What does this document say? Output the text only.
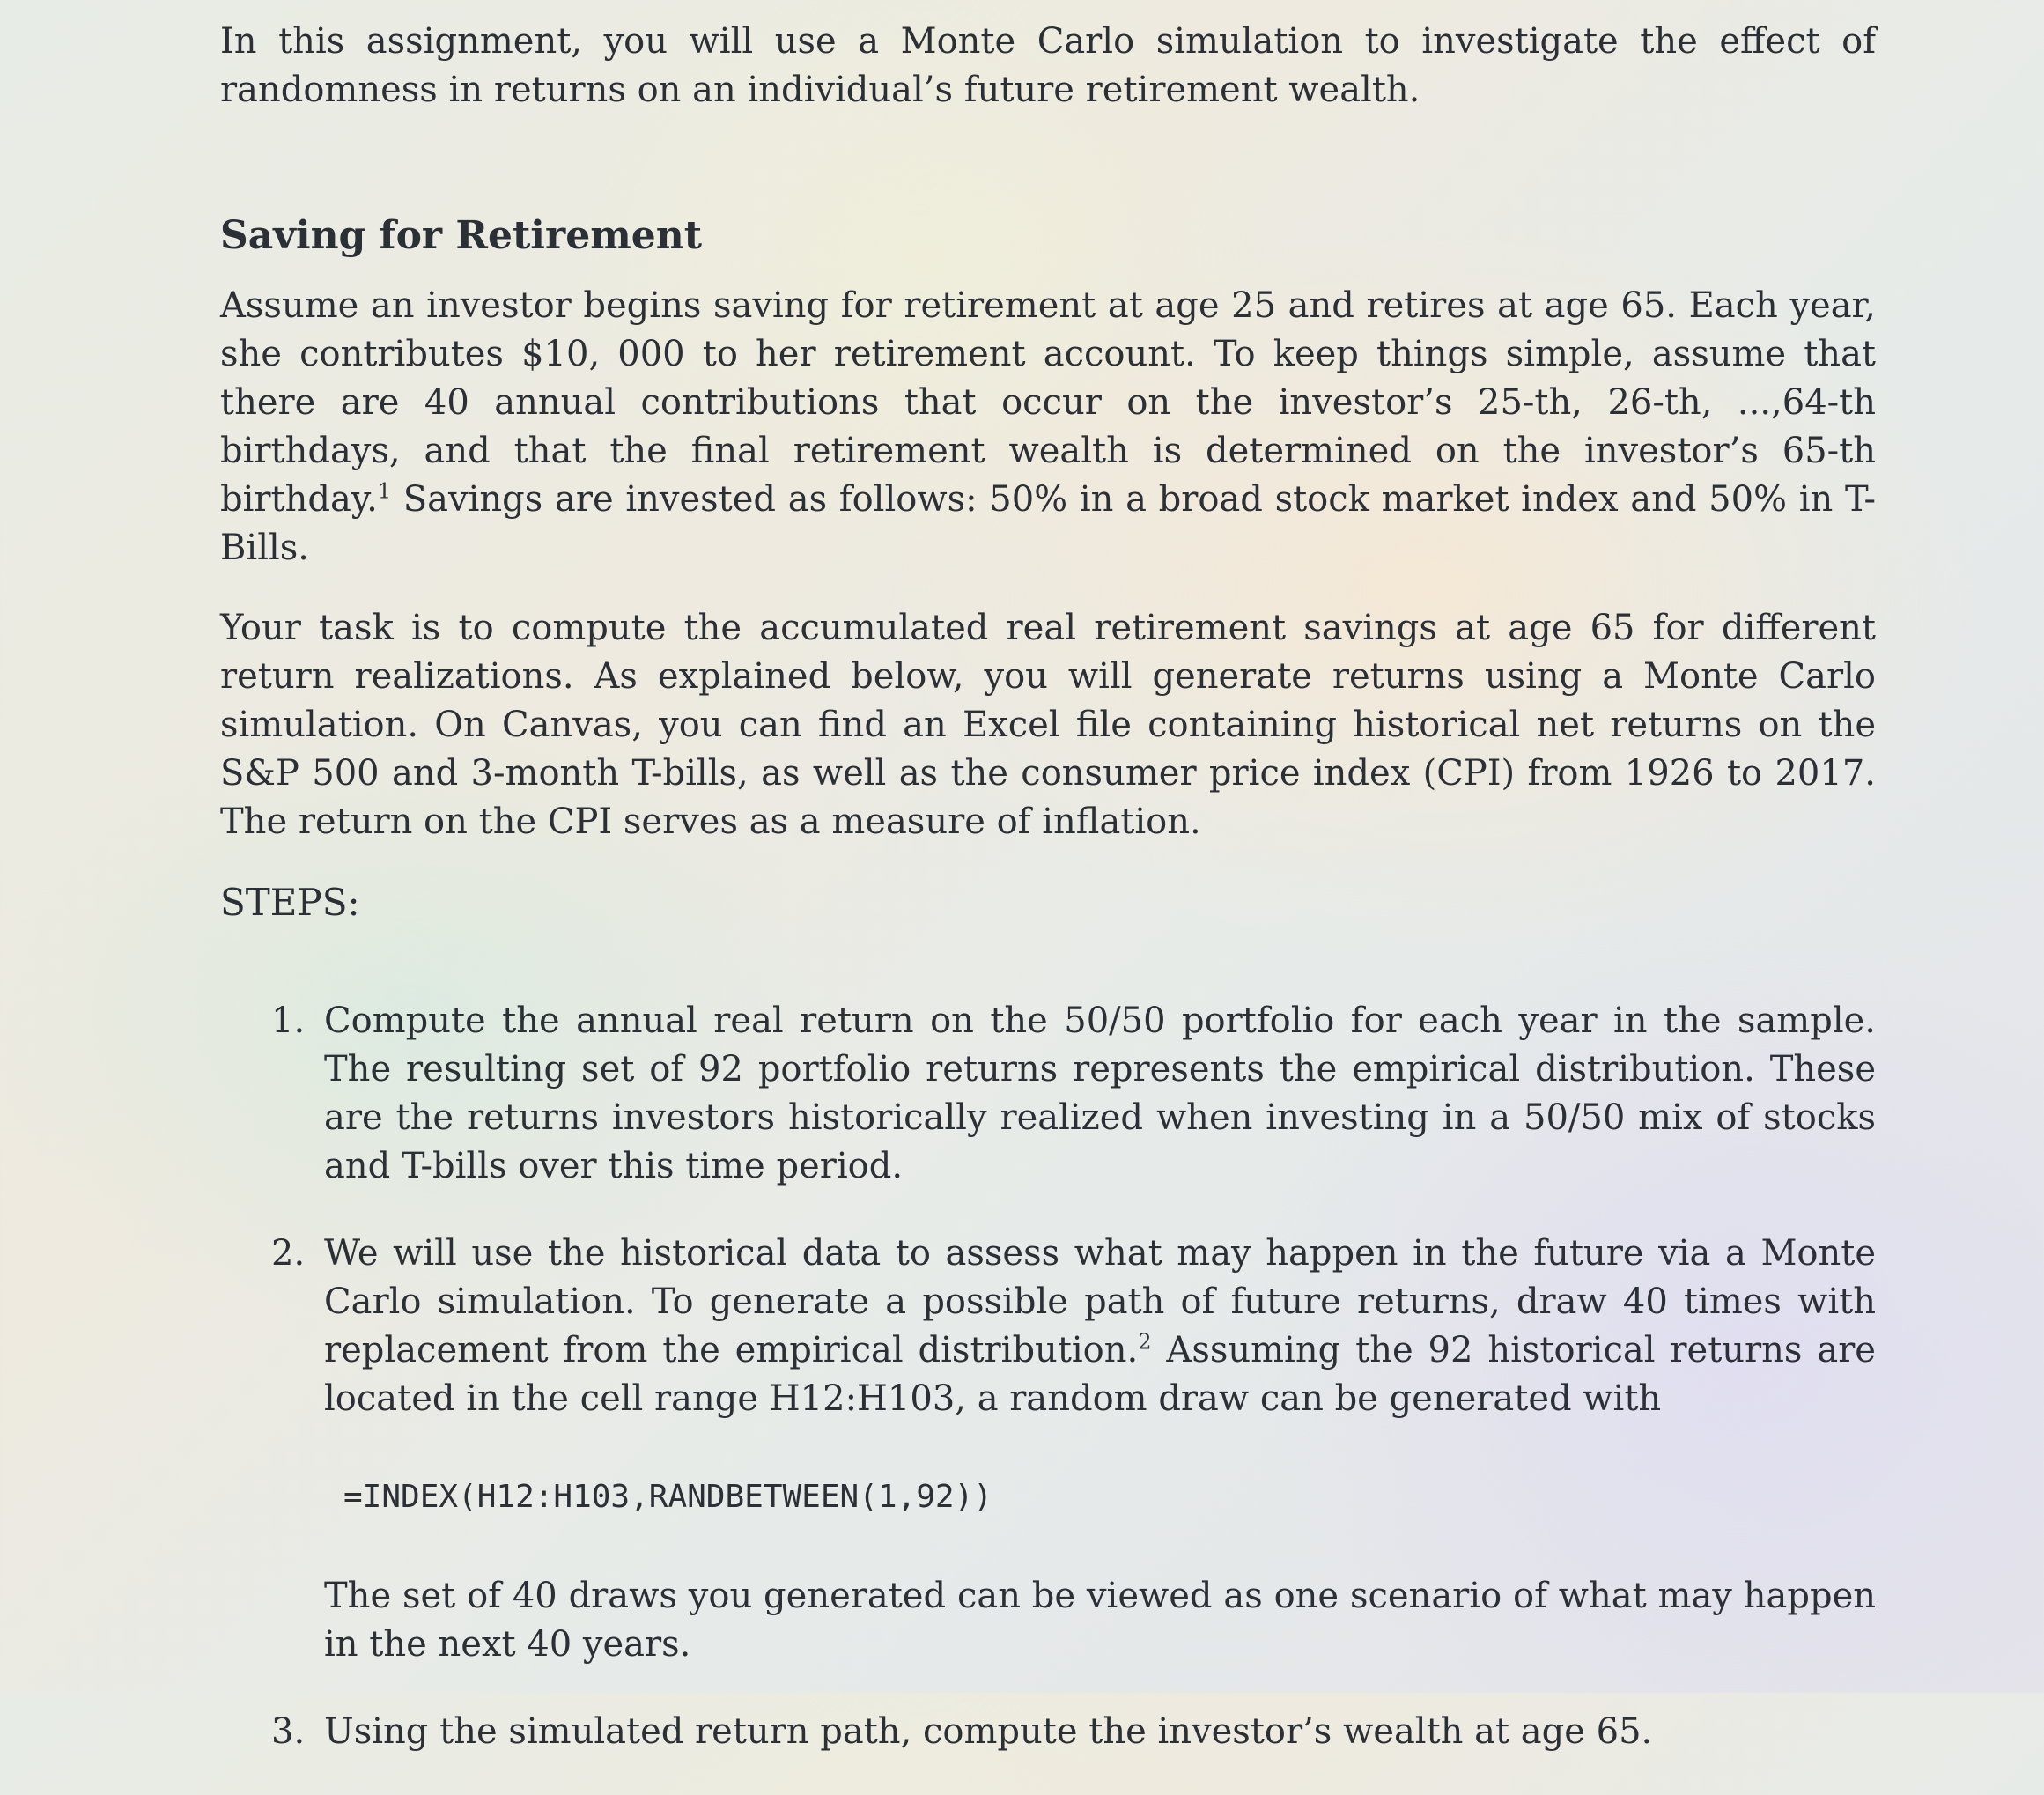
In this assignment, you will use a Monte Carlo simulation to investigate the effect of randomness in returns on an individual’s future retirement wealth.

Saving for Retirement

Assume an investor begins saving for retirement at age 25 and retires at age 65. Each year, she contributes $10, 000 to her retirement account. To keep things simple, assume that there are 40 annual contributions that occur on the investor’s 25-th, 26-th, ...,64-th birthdays, and that the final retirement wealth is determined on the investor’s 65-th birthday.$^1$ Savings are invested as follows: 50% in a broad stock market index and 50% in T-Bills.

Your task is to compute the accumulated real retirement savings at age 65 for different return realizations. As explained below, you will generate returns using a Monte Carlo simulation. On Canvas, you can find an Excel file containing historical net returns on the S&P 500 and 3-month T-bills, as well as the consumer price index (CPI) from 1926 to 2017. The return on the CPI serves as a measure of inflation.

STEPS:

1. Compute the annual real return on the 50/50 portfolio for each year in the sample. The resulting set of 92 portfolio returns represents the empirical distribution. These are the returns investors historically realized when investing in a 50/50 mix of stocks and T-bills over this time period.

2. We will use the historical data to assess what may happen in the future via a Monte Carlo simulation. To generate a possible path of future returns, draw 40 times with replacement from the empirical distribution.$^2$ Assuming the 92 historical returns are located in the cell range H12:H103, a random draw can be generated with

=INDEX(H12:H103,RANDBETWEEN(1,92))

The set of 40 draws you generated can be viewed as one scenario of what may happen in the next 40 years.

3. Using the simulated return path, compute the investor’s wealth at age 65.
